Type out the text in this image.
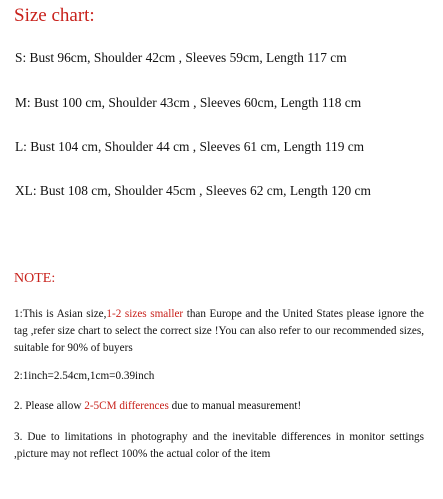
Size chart:
S: Bust 96cm, Shoulder 42cm , Sleeves 59cm, Length 117 cm
M: Bust 100 cm, Shoulder 43cm , Sleeves 60cm, Length 118 cm
L: Bust 104 cm, Shoulder 44 cm , Sleeves 61 cm, Length 119 cm
XL: Bust 108 cm, Shoulder 45cm , Sleeves 62 cm, Length 120 cm
NOTE:
1:This is Asian size,1-2 sizes smaller than Europe and the United States please ignore the tag ,refer size chart to select the correct size !You can also refer to our recommended sizes, suitable for 90% of buyers
2:1inch=2.54cm,1cm=0.39inch
2. Please allow 2-5CM differences due to manual measurement!
3. Due to limitations in photography and the inevitable differences in monitor settings ,picture may not reflect 100% the actual color of the item
